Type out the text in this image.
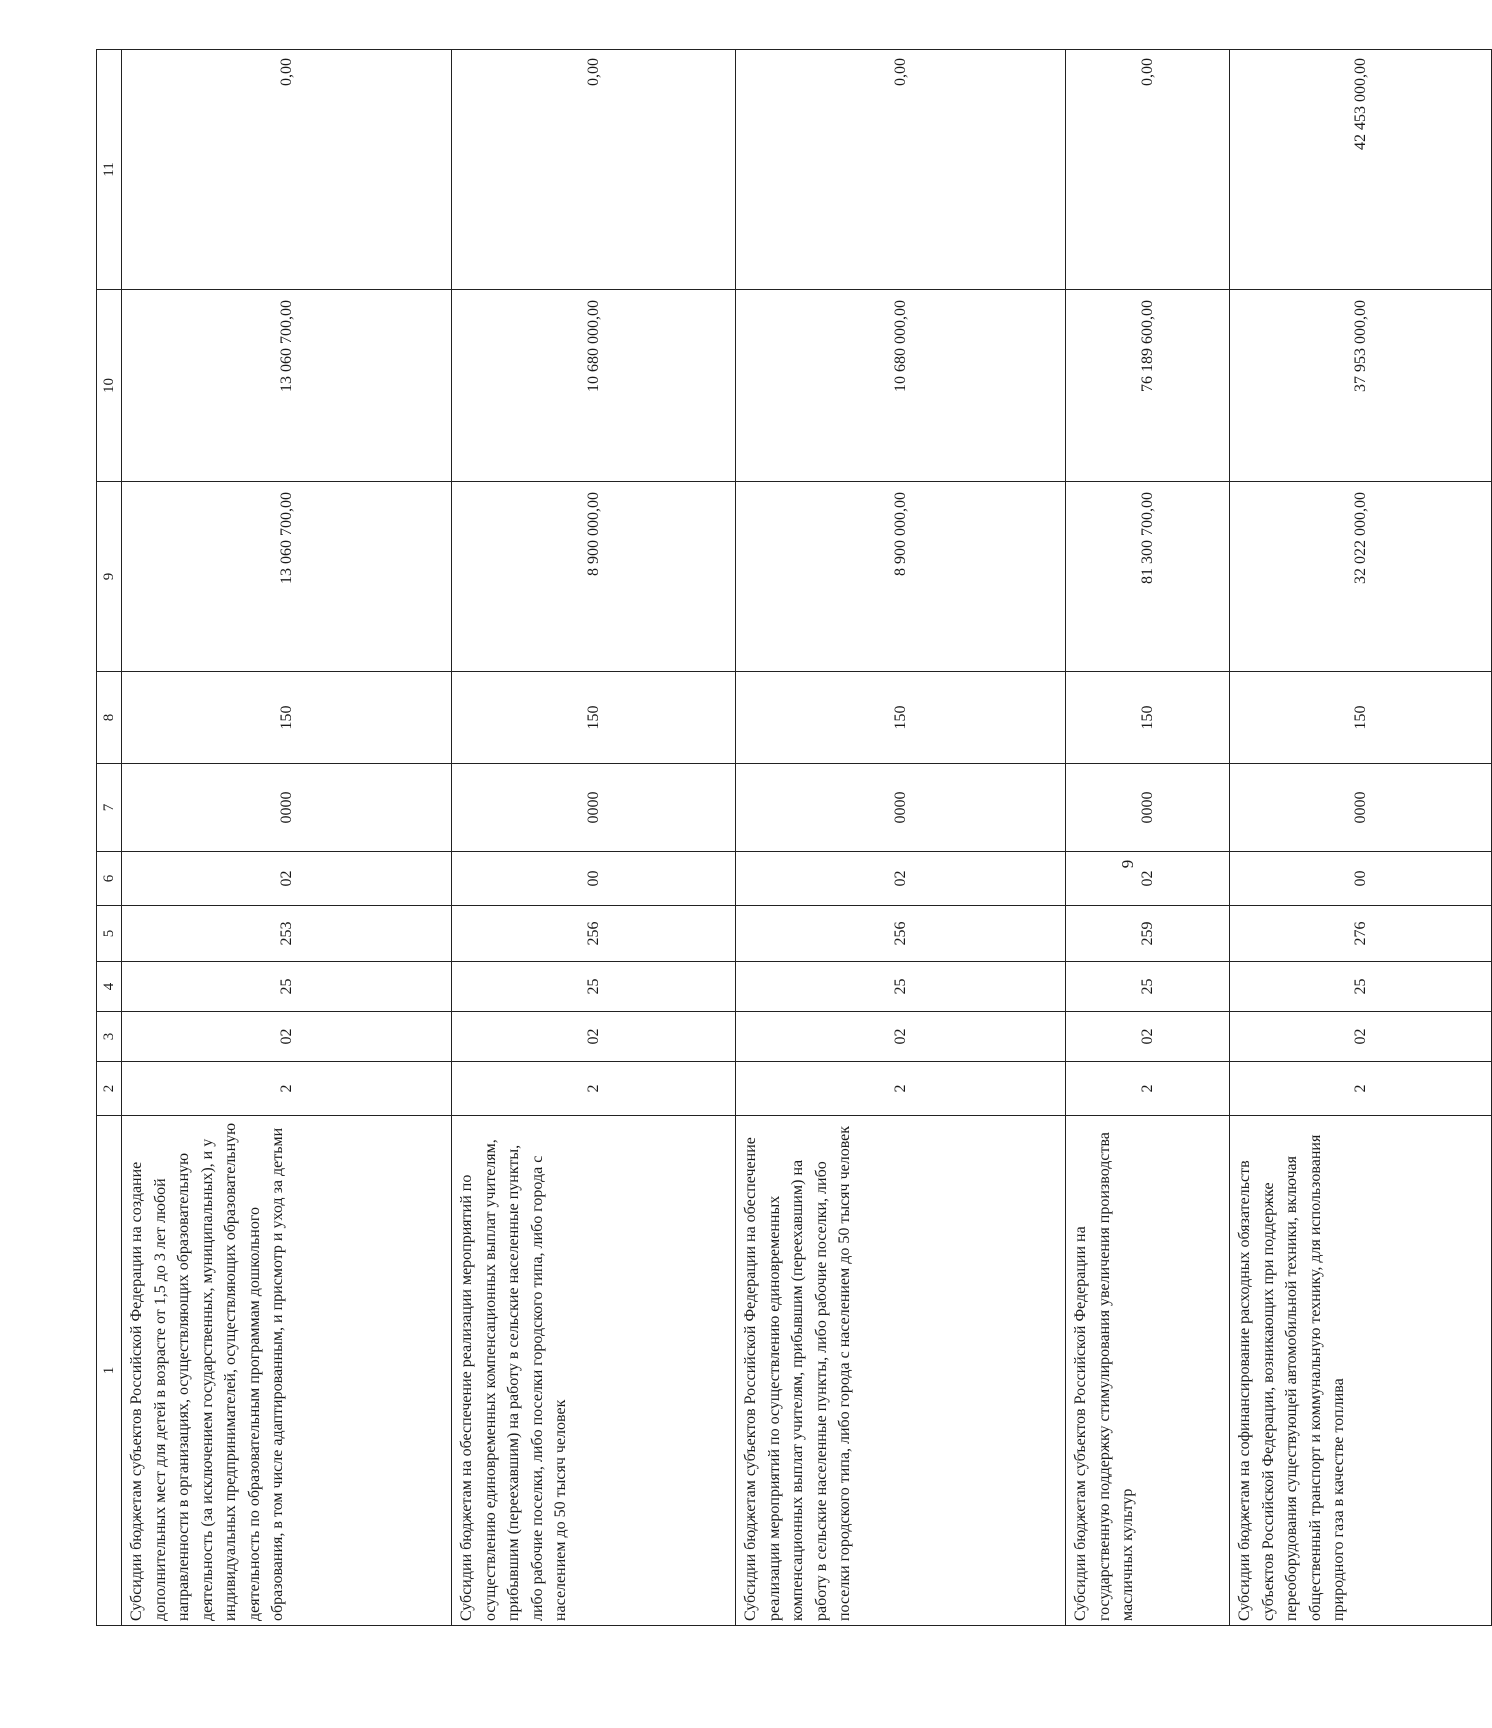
9
1	2	3	4	5	6	7	8	9	10	11
Субсидии бюджетам субъектов Российской Федерации на создание дополнительных мест для детей в возрасте от 1,5 до 3 лет любой направленности в организациях, осуществляющих образовательную деятельность (за исключением государственных, муниципальных), и у индивидуальных предпринимателей, осуществляющих образовательную деятельность по образовательным программам дошкольного образования, в том числе адаптированным, и присмотр и уход за детьми	2	02	25	253	02	0000	150	13 060 700,00	13 060 700,00	0,00
Субсидии бюджетам на обеспечение реализации мероприятий по осуществлению единовременных компенсационных выплат учителям, прибывшим (переехавшим) на работу в сельские населенные пункты, либо рабочие поселки, либо поселки городского типа, либо города с населением до 50 тысяч человек	2	02	25	256	00	0000	150	8 900 000,00	10 680 000,00	0,00
Субсидии бюджетам субъектов Российской Федерации на обеспечение реализации мероприятий по осуществлению единовременных компенсационных выплат учителям, прибывшим (переехавшим) на работу в сельские населенные пункты, либо рабочие поселки, либо поселки городского типа, либо города с населением до 50 тысяч человек	2	02	25	256	02	0000	150	8 900 000,00	10 680 000,00	0,00
Субсидии бюджетам субъектов Российской Федерации на государственную поддержку стимулирования увеличения производства масличных культур	2	02	25	259	02	0000	150	81 300 700,00	76 189 600,00	0,00
Субсидии бюджетам на софинансирование расходных обязательств субъектов Российской Федерации, возникающих при поддержке переоборудования существующей автомобильной техники, включая общественный транспорт и коммунальную технику, для использования природного газа в качестве топлива	2	02	25	276	00	0000	150	32 022 000,00	37 953 000,00	42 453 000,00
